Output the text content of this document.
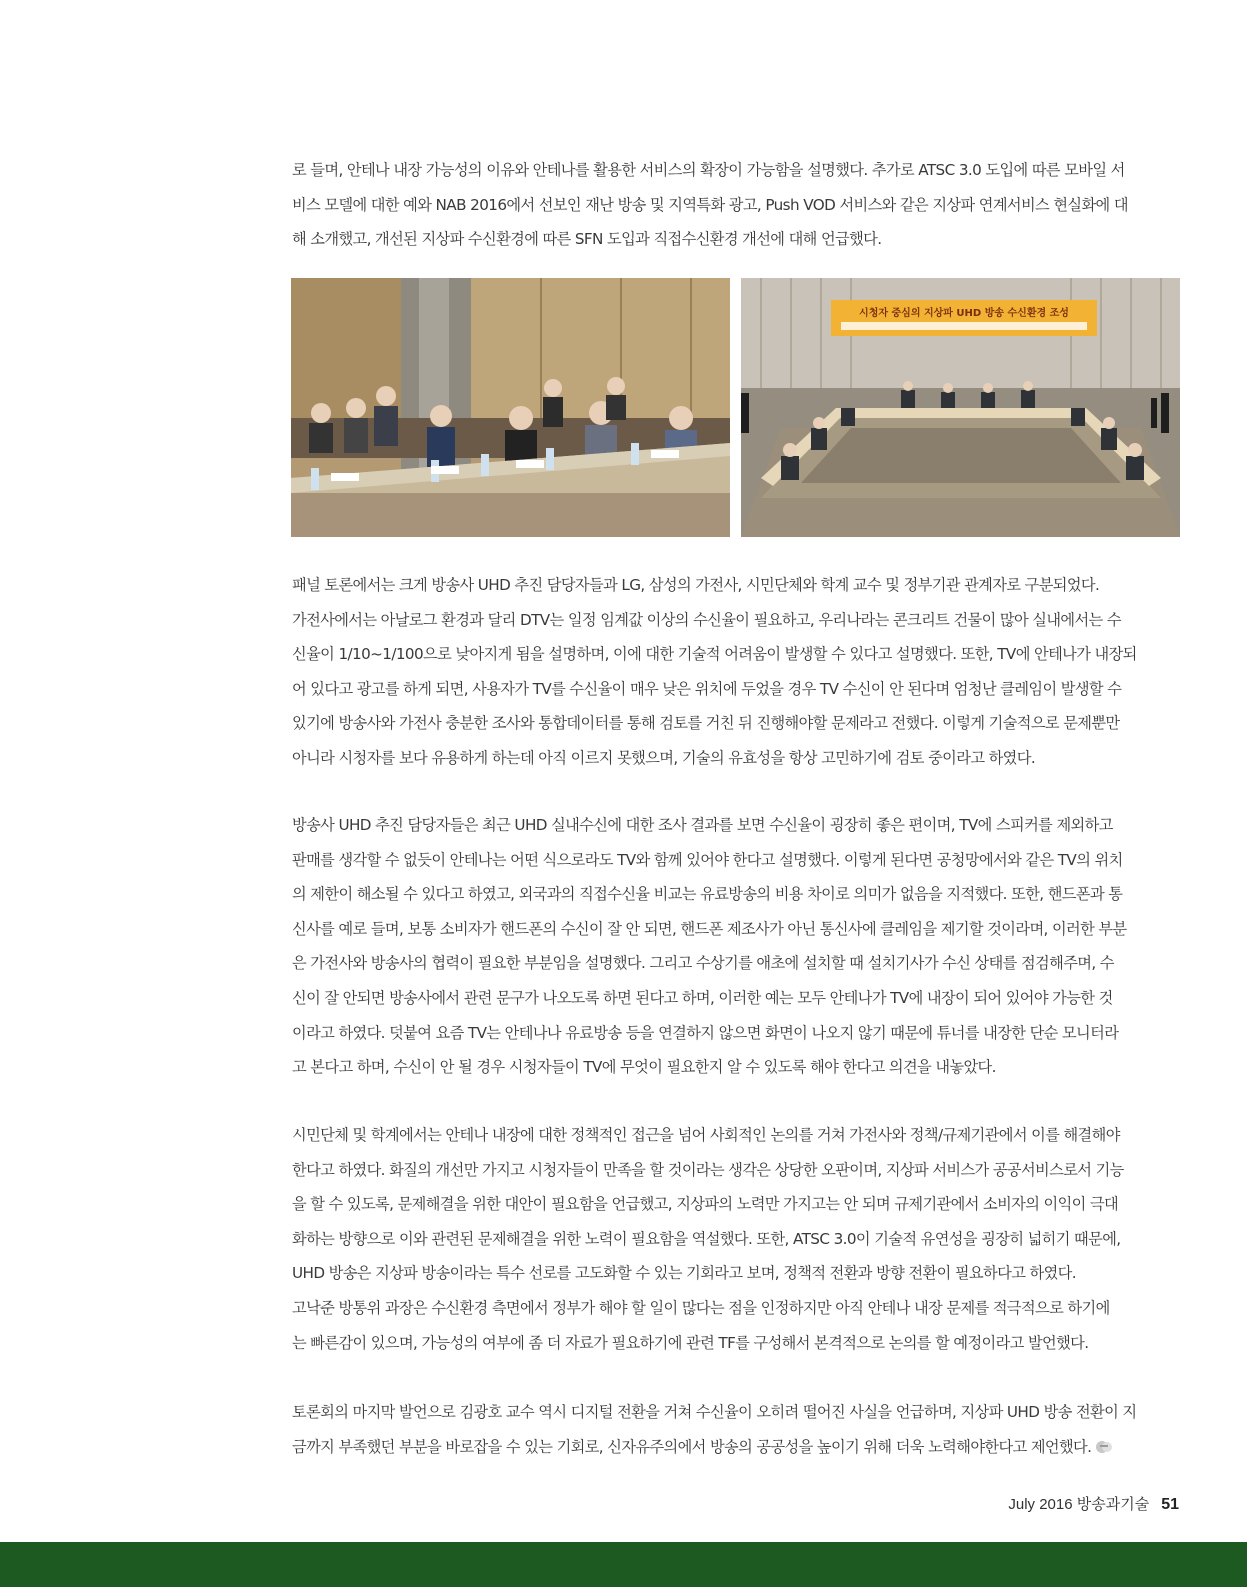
로 들며, 안테나 내장 가능성의 이유와 안테나를 활용한 서비스의 확장이 가능함을 설명했다. 추가로 ATSC 3.0 도입에 따른 모바일 서
비스 모델에 대한 예와 NAB 2016에서 선보인 재난 방송 및 지역특화 광고, Push VOD 서비스와 같은 지상파 연계서비스 현실화에 대
해 소개했고, 개선된 지상파 수신환경에 따른 SFN 도입과 직접수신환경 개선에 대해 언급했다.
시청자 중심의 지상파 UHD 방송 수신환경 조성
패널 토론에서는 크게 방송사 UHD 추진 담당자들과 LG, 삼성의 가전사, 시민단체와 학계 교수 및 정부기관 관계자로 구분되었다.
가전사에서는 아날로그 환경과 달리 DTV는 일정 임계값 이상의 수신율이 필요하고, 우리나라는 콘크리트 건물이 많아 실내에서는 수
신율이 1/10~1/100으로 낮아지게 됨을 설명하며, 이에 대한 기술적 어려움이 발생할 수 있다고 설명했다. 또한, TV에 안테나가 내장되
어 있다고 광고를 하게 되면, 사용자가 TV를 수신율이 매우 낮은 위치에 두었을 경우 TV 수신이 안 된다며 엄청난 클레임이 발생할 수
있기에 방송사와 가전사 충분한 조사와 통합데이터를 통해 검토를 거친 뒤 진행해야할 문제라고 전했다. 이렇게 기술적으로 문제뿐만
아니라 시청자를 보다 유용하게 하는데 아직 이르지 못했으며, 기술의 유효성을 항상 고민하기에 검토 중이라고 하였다.
방송사 UHD 추진 담당자들은 최근 UHD 실내수신에 대한 조사 결과를 보면 수신율이 굉장히 좋은 편이며, TV에 스피커를 제외하고
판매를 생각할 수 없듯이 안테나는 어떤 식으로라도 TV와 함께 있어야 한다고 설명했다. 이렇게 된다면 공청망에서와 같은 TV의 위치
의 제한이 해소될 수 있다고 하였고, 외국과의 직접수신율 비교는 유료방송의 비용 차이로 의미가 없음을 지적했다. 또한, 핸드폰과 통
신사를 예로 들며, 보통 소비자가 핸드폰의 수신이 잘 안 되면, 핸드폰 제조사가 아닌 통신사에 클레임을 제기할 것이라며, 이러한 부분
은 가전사와 방송사의 협력이 필요한 부분임을 설명했다. 그리고 수상기를 애초에 설치할 때 설치기사가 수신 상태를 점검해주며, 수
신이 잘 안되면 방송사에서 관련 문구가 나오도록 하면 된다고 하며, 이러한 예는 모두 안테나가 TV에 내장이 되어 있어야 가능한 것
이라고 하였다. 덧붙여 요즘 TV는 안테나나 유료방송 등을 연결하지 않으면 화면이 나오지 않기 때문에 튜너를 내장한 단순 모니터라
고 본다고 하며, 수신이 안 될 경우 시청자들이 TV에 무엇이 필요한지 알 수 있도록 해야 한다고 의견을 내놓았다.
시민단체 및 학계에서는 안테나 내장에 대한 정책적인 접근을 넘어 사회적인 논의를 거쳐 가전사와 정책/규제기관에서 이를 해결해야
한다고 하였다. 화질의 개선만 가지고 시청자들이 만족을 할 것이라는 생각은 상당한 오판이며, 지상파 서비스가 공공서비스로서 기능
을 할 수 있도록, 문제해결을 위한 대안이 필요함을 언급했고, 지상파의 노력만 가지고는 안 되며 규제기관에서 소비자의 이익이 극대
화하는 방향으로 이와 관련된 문제해결을 위한 노력이 필요함을 역설했다. 또한, ATSC 3.0이 기술적 유연성을 굉장히 넓히기 때문에,
UHD 방송은 지상파 방송이라는 특수 선로를 고도화할 수 있는 기회라고 보며, 정책적 전환과 방향 전환이 필요하다고 하였다.
고낙준 방통위 과장은 수신환경 측면에서 정부가 해야 할 일이 많다는 점을 인정하지만 아직 안테나 내장 문제를 적극적으로 하기에
는 빠른감이 있으며, 가능성의 여부에 좀 더 자료가 필요하기에 관련 TF를 구성해서 본격적으로 논의를 할 예정이라고 발언했다.
토론회의 마지막 발언으로 김광호 교수 역시 디지털 전환을 거쳐 수신율이 오히려 떨어진 사실을 언급하며, 지상파 UHD 방송 전환이 지
금까지 부족했던 부분을 바로잡을 수 있는 기회로, 신자유주의에서 방송의 공공성을 높이기 위해 더욱 노력해야한다고 제언했다.
July 2016 방송과기술 51
